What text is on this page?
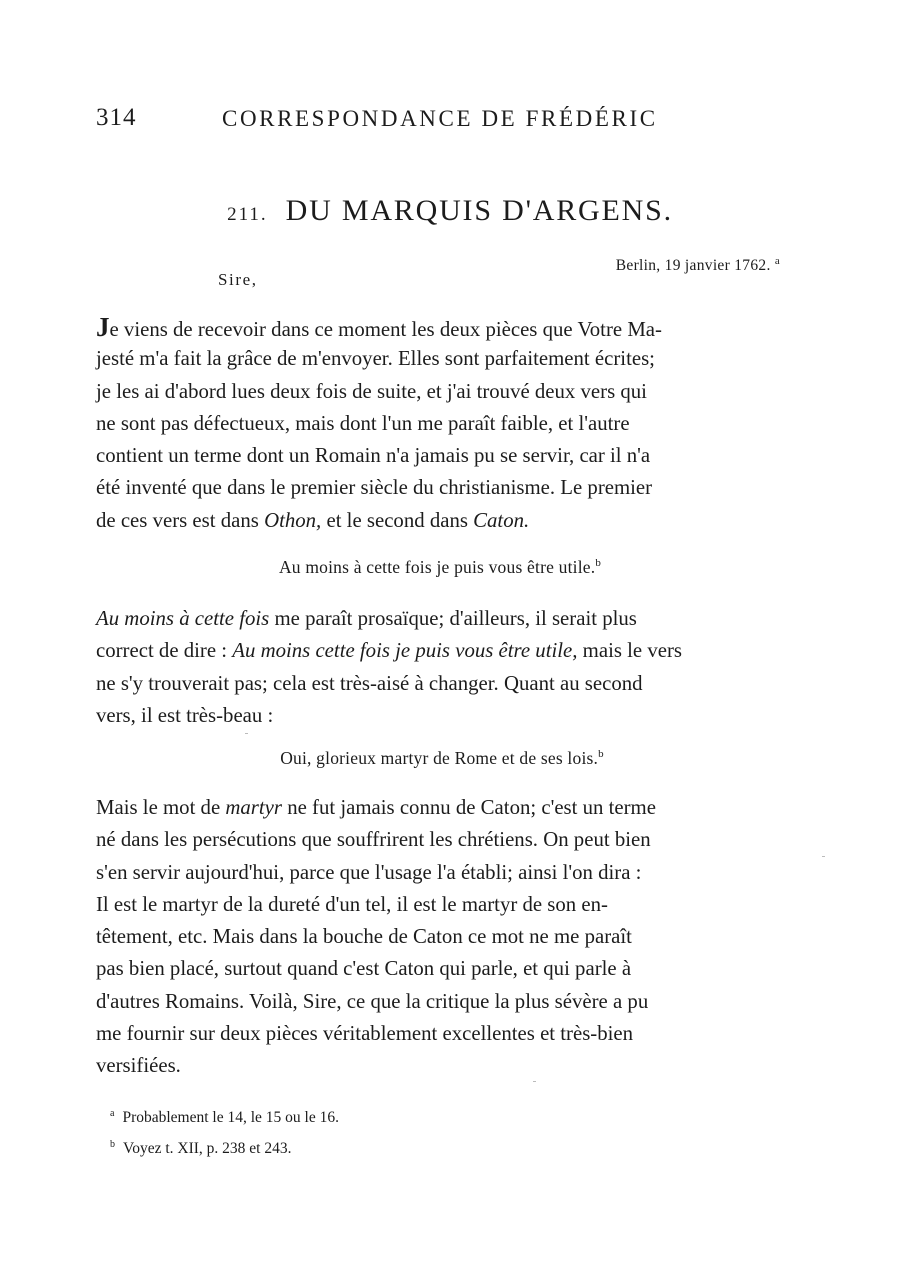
314	CORRESPONDANCE DE FRÉDÉRIC
211. DU MARQUIS D'ARGENS.
Berlin, 19 janvier 1762. $^a$
Sire,
Je viens de recevoir dans ce moment les deux pièces que Votre Ma-
jesté m'a fait la grâce de m'envoyer. Elles sont parfaitement écrites;
je les ai d'abord lues deux fois de suite, et j'ai trouvé deux vers qui
ne sont pas défectueux, mais dont l'un me paraît faible, et l'autre
contient un terme dont un Romain n'a jamais pu se servir, car il n'a
été inventé que dans le premier siècle du christianisme. Le premier
de ces vers est dans Othon, et le second dans Caton.
Au moins à cette fois je puis vous être utile.$^b$
Au moins à cette fois me paraît prosaïque; d'ailleurs, il serait plus
correct de dire : Au moins cette fois je puis vous être utile, mais le vers
ne s'y trouverait pas; cela est très-aisé à changer. Quant au second
vers, il est très-beau :
Oui, glorieux martyr de Rome et de ses lois.$^b$
Mais le mot de martyr ne fut jamais connu de Caton; c'est un terme
né dans les persécutions que souffrirent les chrétiens. On peut bien
s'en servir aujourd'hui, parce que l'usage l'a établi; ainsi l'on dira :
Il est le martyr de la dureté d'un tel, il est le martyr de son en-
têtement, etc. Mais dans la bouche de Caton ce mot ne me paraît
pas bien placé, surtout quand c'est Caton qui parle, et qui parle à
d'autres Romains. Voilà, Sire, ce que la critique la plus sévère a pu
me fournir sur deux pièces véritablement excellentes et très-bien
versifiées.
$^a$ Probablement le 14, le 15 ou le 16.
$^b$ Voyez t. XII, p. 238 et 243.
